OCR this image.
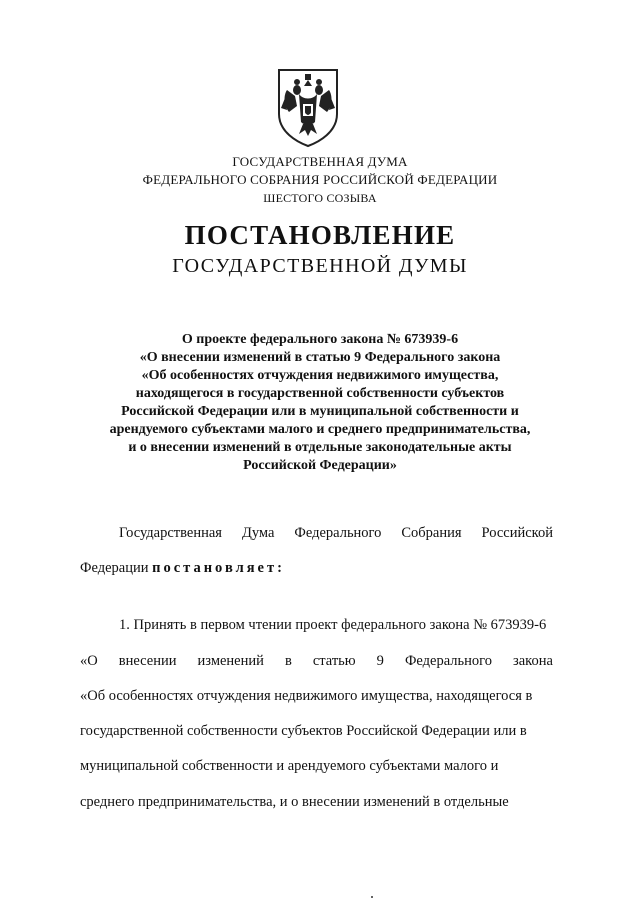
ГОСУДАРСТВЕННАЯ ДУМА
ФЕДЕРАЛЬНОГО СОБРАНИЯ РОССИЙСКОЙ ФЕДЕРАЦИИ
ШЕСТОГО СОЗЫВА
ПОСТАНОВЛЕНИЕ
ГОСУДАРСТВЕННОЙ ДУМЫ
О проекте федерального закона № 673939-6
«О внесении изменений в статью 9 Федерального закона
«Об особенностях отчуждения недвижимого имущества,
находящегося в государственной собственности субъектов
Российской Федерации или в муниципальной собственности и
арендуемого субъектами малого и среднего предпринимательства,
и о внесении изменений в отдельные законодательные акты
Российской Федерации»
Государственная Дума Федерального Собрания Российской
Федерации постановляет:
1. Принять в первом чтении проект федерального закона № 673939-6
«О внесении изменений в статью 9 Федерального закона
«Об особенностях отчуждения недвижимого имущества, находящегося в
государственной собственности субъектов Российской Федерации или в
муниципальной собственности и арендуемого субъектами малого и
среднего предпринимательства, и о внесении изменений в отдельные
